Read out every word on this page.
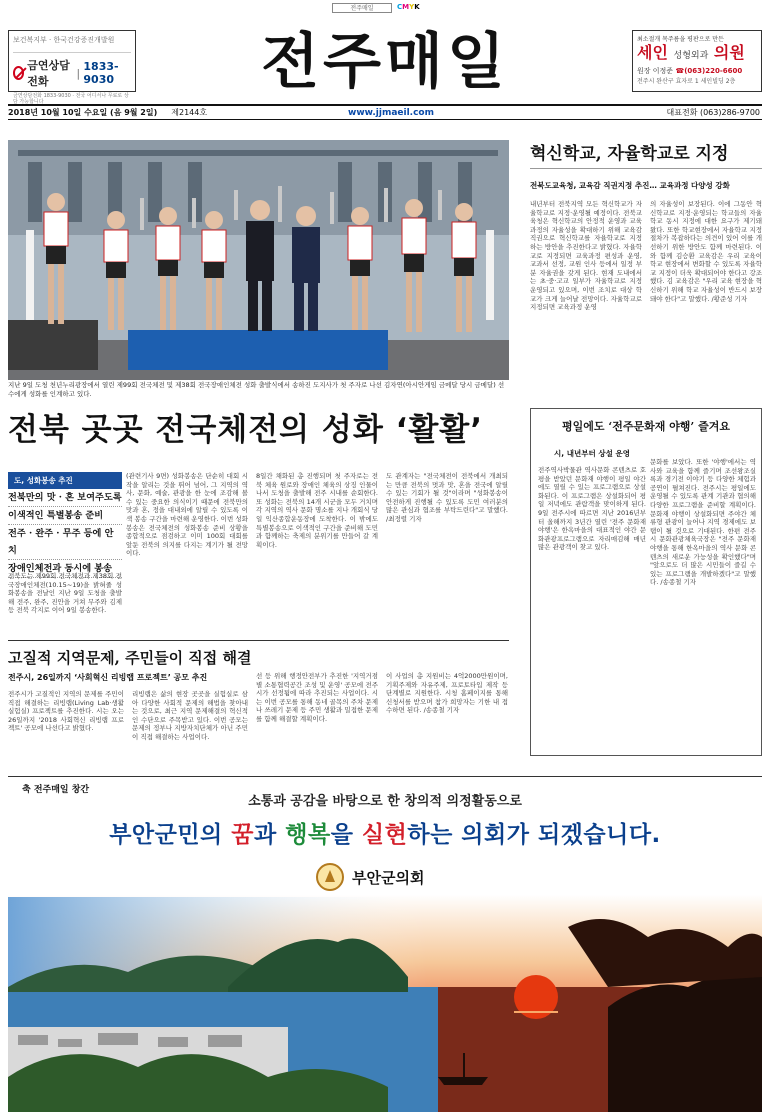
전주매일	CMYK
보건복지부 · 한국건강증진개발원
금연상담전화
| 1833-9030
금연상담전화 1833-9030 · 전국 어디서나 무료로 상담 가능합니다
전주매일	최소절개 목주름을 평판으로 만든
세인 성형외과 의원
원장 이정준 ☎(063)220-6600
전주시 완산구 효자로 1 세인빌딩 2층
2018년 10월 10일 수요일 (음 9월 2일) 제2144호	www.jjmaeil.com	대표전화 (063)286-9700
지난 9일 도청 천년누리광장에서 열린 제99회 전국체전 및 제38회 전국장애인체전 성화 출발식에서 송하진 도지사가 첫 주자로 나선 김자연(아시안게임 금메달 당시 금메달) 선수에게 성화를 인계하고 있다.
전북 곳곳 전국체전의 성화 ‘활활’
혁신학교, 자율학교로 지정
전북도교육청, 교육감 직권지정 추진… 교육과정 다양성 강화
내년부터 전북지역 모든 혁신학교가 자율학교로 지정·운영될 예정이다. 전북교육청은 혁신학교의 안정적 운영과 교육과정의 자율성을 확대하기 위해 교육감 직권으로 혁신학교를 자율학교로 지정하는 방안을 추진한다고 밝혔다. 자율학교로 지정되면 교육과정 편성과 운영, 교과서 선정, 교원 인사 등에서 일정 부분 자율권을 갖게 된다. 현재 도내에서는 초·중·고교 일부가 자율학교로 지정 운영되고 있으며, 이번 조치로 대상 학교가 크게 늘어날 전망이다. 자율학교로 지정되면 교육과정 운영
의 자율성이 보장된다. 이에 그동안 혁신학교로 지정·운영되는 학교들의 자율학교 동시 지정에 대한 요구가 제기돼 왔다. 또한 학교현장에서 자율학교 지정 절차가 복잡하다는 의견이 있어 이를 개선하기 위한 방안도 함께 마련된다. 이와 함께 김승환 교육감은 우리 교육이 학교 현장에서 변화할 수 있도록 자율학교 지정이 더욱 확대되어야 한다고 강조했다. 김 교육감은 "우리 교육 현장을 혁신하기 위해 학교 자율성이 반드시 보장돼야 한다"고 말했다. /황준성 기자
평일에도 ‘전주문화재 야행’ 즐겨요
시, 내년부터 상설 운영
전주역사박물관 역사문화 콘텐츠로 호평을 받았던 문화재 야행이 평일 야간에도 열릴 수 있는 프로그램으로 상설화된다. 이 프로그램은 상설화되어 평일 저녁에도 관람객을 맞이하게 된다. 9일 전주시에 따르면 지난 2016년부터 올해까지 3년간 열린 '전주 문화재 야행'은 한옥마을의 대표적인 야간 문화관광프로그램으로 자리매김해 매년 많은 관광객이 찾고 있다.
문화를 보았다. 또한 '야행'에서는 역사와 교육을 함께 즐기며 조선왕조실록과 경기전 이야기 등 다양한 체험과 공연이 펼쳐진다. 전주시는 평일에도 운영될 수 있도록 관계 기관과 협의해 다양한 프로그램을 준비할 계획이다. 문화재 야행이 상설화되면 주야간 체류형 관광이 늘어나 지역 경제에도 보탬이 될 것으로 기대된다. 한편 전주시 문화관광체육국장은 "전주 문화재 야행을 통해 한옥마을의 역사 문화 콘텐츠의 새로운 가능성을 확인했다"며 "앞으로도 더 많은 시민들이 즐길 수 있는 프로그램을 개발하겠다"고 말했다. /송종철 기자
도, 성화봉송 추진
전북만의 맛 · 혼 보여주도록
이색적인 특별봉송 준비
전주 · 완주 · 무주 등에 안치
장애인체전과 동시에 봉송
전북도는 제99회 전국체전과 제38회 전국장애인체전(10.15~19)을 밝혀줄 성화봉송을 전날인 지난 9일 도청을 출발해 전주, 완주, 진안을 거쳐 무주와 김제 등 전북 각지로 이어 9일 봉송한다.
(관련기사 9면) 성화봉송은 단순히 대회 시작을 알리는 것을 뛰어 넘어, 그 지역의 역사, 문화, 예술, 관광을 한 눈에 조감해 볼 수 있는 중요한 의식이기 때문에 전북만의 맛과 혼, 정을 대내외에 알릴 수 있도록 이색 봉송 구간을 마련해 운영한다. 이번 성화봉송은 전국체전의 성화봉송 준비 상황을 종합적으로 점검하고 이미 100회 대회를 앞둔 전북의 의지를 다지는 계기가 될 전망이다.
8일간 채화된 총 진행되며 첫 주자로는 전북 체육 원로와 장애인 체육의 상징 인물이 나서 도청을 출발해 전주 시내를 순회한다. 또 성화는 전북의 14개 시군을 모두 거치며 각 지역의 역사 문화 명소를 지나 개회식 당일 익산종합운동장에 도착한다. 이 밖에도 특별봉송으로 이색적인 구간을 준비해 도민과 함께하는 축제의 분위기를 만들어 갈 계획이다.
도 관계자는 "전국체전이 전북에서 개최되는 만큼 전북의 멋과 맛, 혼을 전국에 알릴 수 있는 기회가 될 것"이라며 "성화봉송이 안전하게 진행될 수 있도록 도민 여러분의 많은 관심과 협조를 부탁드린다"고 말했다. /최정렬 기자
고질적 지역문제, 주민들이 직접 해결
전주시, 26일까지 ‘사회혁신 리빙랩 프로젝트’ 공모 추진
전주시가 고질적인 지역의 문제를 주민이 직접 해결하는 리빙랩(Living Lab·생활실험실) 프로젝트를 추진한다. 시는 오는 26일까지 '2018 사회혁신 리빙랩 프로젝트' 공모에 나선다고 밝혔다.
리빙랩은 삶의 현장 곳곳을 실험실로 삼아 다양한 사회적 문제의 해법을 찾아내는 것으로, 최근 지역 문제해결의 혁신적인 수단으로 주목받고 있다. 이번 공모는 문제의 정부나 지방자치단체가 아닌 주민이 직접 해결하는 사업이다.
선 등 위해 행정안전부가 추진한 '지역거점별 소통협력공간 조성 및 운영' 공모에 전주시가 선정됨에 따라 추진되는 사업이다. 시는 이번 공모를 통해 동네 골목의 주차 문제나 쓰레기 문제 등 주민 생활과 밀접한 문제를 함께 해결할 계획이다.
이 사업의 총 지원비는 4억2000만원이며, 기획주제와 자유주제, 프로토타입 제작 등 단계별로 지원한다. 시청 홈페이지를 통해 신청서를 받으며 참가 희망자는 기한 내 접수하면 된다. /송종철 기자
축 전주매일 창간
소통과 공감을 바탕으로 한 창의적 의정활동으로
부안군민의 꿈과 행복을 실현하는 의회가 되겠습니다.
부안군의회
